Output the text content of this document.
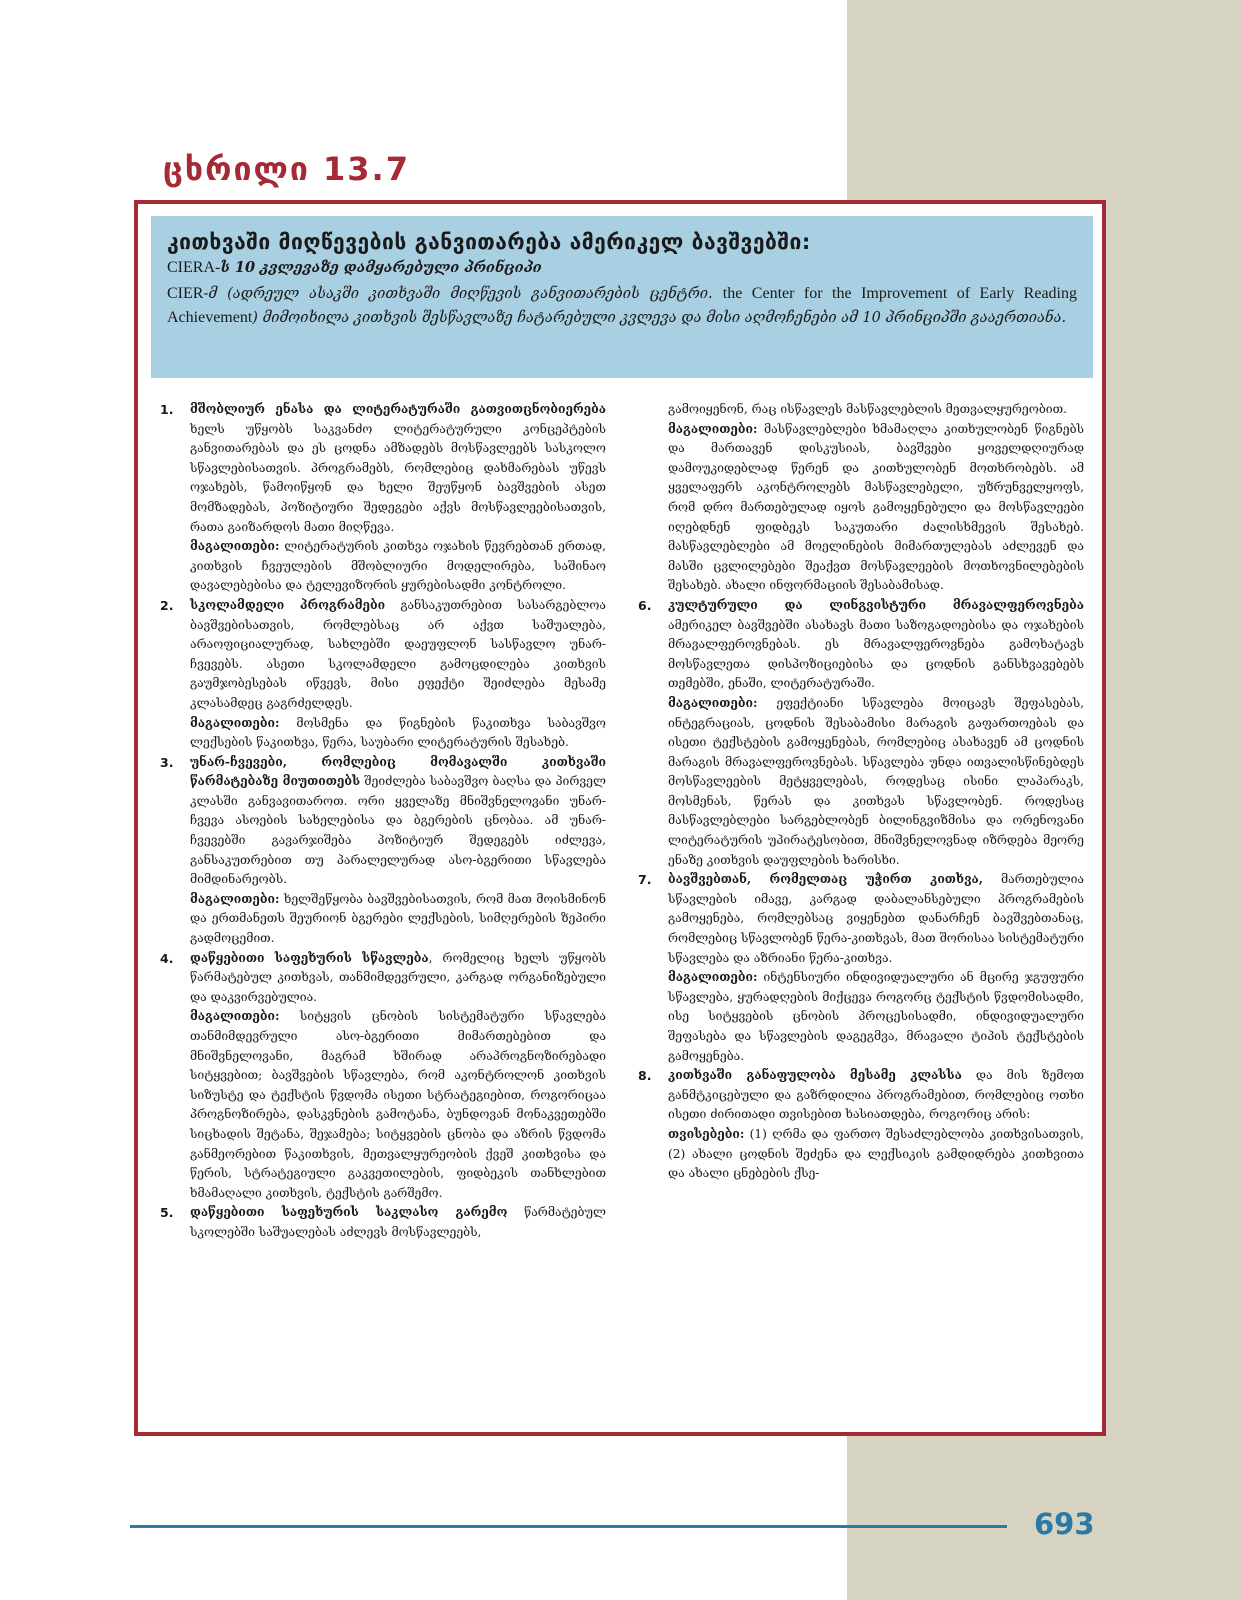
ცხრილი 13.7

კითხვაში მიღწევების განვითარება ამერიკელ ბავშვებში:

CIERA-ს 10 კვლევაზე დამყარებული პრინციპი

CIER-მ (ადრეულ ასაკში კითხვაში მიღწევის განვითარების ცენტრი. the Center for the Improvement of Early Reading Achievement) მიმოიხილა კითხვის შესწავლაზე ჩატარებული კვლევა და მისი აღმოჩენები ამ 10 პრინციპში გააერთიანა.

1.	მშობლიურ ენასა და ლიტერატურაში გათვითცნობიერება ხელს უწყობს საკვანძო ლიტერატურული კონცეპტების განვითარებას და ეს ცოდნა ამზადებს მოსწავლეებს სასკოლო სწავლებისათვის. პროგრამებს, რომლებიც დახმარებას უწევს ოჯახებს, წამოიწყონ და ხელი შეუწყონ ბავშვების ასეთ მომზადებას, პოზიტიური შედეგები აქვს მოსწავლეებისათვის, რათა გაიზარდოს მათი მიღწევა.

მაგალითები: ლიტერატურის კითხვა ოჯახის წევრებთან ერთად, კითხვის ჩვეულების მშობლიური მოდელირება, საშინაო დავალებებისა და ტელევიზორის ყურებისადმი კონტროლი.

2.	სკოლამდელი პროგრამები განსაკუთრებით სასარგებლოა ბავშვებისათვის, რომლებსაც არ აქვთ საშუალება, არაოფიციალურად, სახლებში დაეუფლონ სასწავლო უნარ-ჩვევებს. ასეთი სკოლამდელი გამოცდილება კითხვის გაუმჯობესებას იწვევს, მისი ეფექტი შეიძლება მესამე კლასამდეც გაგრძელდეს.

მაგალითები: მოსმენა და წიგნების წაკითხვა საბავშვო ლექსების წაკითხვა, წერა, საუბარი ლიტერატურის შესახებ.

3.	უნარ-ჩვევები, რომლებიც მომავალში კითხვაში წარმატებაზე მიუთითებს შეიძლება საბავშვო ბაღსა და პირველ კლასში განვავითაროთ. ორი ყველაზე მნიშვნელოვანი უნარ-ჩვევა ასოების სახელებისა და ბგერების ცნობაა. ამ უნარ-ჩვევებში გავარჯიშება პოზიტიურ შედეგებს იძლევა, განსაკუთრებით თუ პარალელურად ასო-ბგერითი სწავლება მიმდინარეობს.

მაგალითები: ხელშეწყობა ბავშვებისათვის, რომ მათ მოისმინონ და ერთმანეთს შეურიონ ბგერები ლექსების, სიმღერების ზეპირი გადმოცემით.

4.	დაწყებითი საფეხურის სწავლება, რომელიც ხელს უწყობს წარმატებულ კითხვას, თანმიმდევრული, კარგად ორგანიზებული და დაკვირვებულია.

მაგალითები: სიტყვის ცნობის სისტემატური სწავლება თანმიმდევრული ასო-ბგერითი მიმართებებით და მნიშვნელოვანი, მაგრამ ხშირად არაპროგნოზირებადი სიტყვებით; ბავშვების სწავლება, რომ აკონტროლონ კითხვის სიზუსტე და ტექსტის წვდომა ისეთი სტრატეგიებით, როგორიცაა პროგნოზირება, დასკვნების გამოტანა, ბუნდოვან მონაკვეთებში სიცხადის შეტანა, შეჯამება; სიტყვების ცნობა და აზრის წვდომა განმეორებით წაკითხვის, მეთვალყურეობის ქვეშ კითხვისა და წერის, სტრატეგიული გაკვეთილების, ფიდბეკის თანხლებით ხმამაღალი კითხვის, ტექსტის გარშემო.

5.	დაწყებითი საფეხურის საკლასო გარემო წარმატებულ სკოლებში საშუალებას აძლევს მოსწავლეებს,

გამოიყენონ, რაც ისწავლეს მასწავლებლის მეთვალყურეობით.

მაგალითები: მასწავლებლები ხმამაღლა კითხულობენ წიგნებს და მართავენ დისკუსიას, ბავშვები ყოველდღიურად დამოუკიდებლად წერენ და კითხულობენ მოთხრობებს. ამ ყველაფერს აკონტროლებს მასწავლებელი, უზრუნველყოფს, რომ დრო მართებულად იყოს გამოყენებული და მოსწავლეები იღებდნენ ფიდბეკს საკუთარი ძალისხმევის შესახებ. მასწავლებლები ამ მოელინების მიმართულებას აძლევენ და მასში ცვლილებები შეაქვთ მოსწავლეების მოთხოვნილებების შესახებ. ახალი ინფორმაციის შესაბამისად.

6.	კულტურული და ლინგვისტური მრავალფეროვნება ამერიკელ ბავშვებში ასახავს მათი საზოგადოებისა და ოჯახების მრავალფეროვნებას. ეს მრავალფეროვნება გამოხატავს მოსწავლეთა დისპოზიციებისა და ცოდნის განსხვავებებს თემებში, ენაში, ლიტერატურაში.

მაგალითები: ეფექტიანი სწავლება მოიცავს შეფასებას, ინტეგრაციას, ცოდნის შესაბამისი მარაგის გაფართოებას და ისეთი ტექსტების გამოყენებას, რომლებიც ასახავენ ამ ცოდნის მარაგის მრავალფეროვნებას. სწავლება უნდა ითვალისწინებდეს მოსწავლეების მეტყველებას, როდესაც ისინი ლაპარაკს, მოსმენას, წერას და კითხვას სწავლობენ. როდესაც მასწავლებლები სარგებლობენ ბილინგვიზმისა და ორენოვანი ლიტერატურის უპირატესობით, მნიშვნელოვნად იზრდება მეორე ენაზე კითხვის დაუფლების ხარისხი.

7.	ბავშვებთან, რომელთაც უჭირთ კითხვა, მართებულია სწავლების იმავე, კარგად დაბალანსებული პროგრამების გამოყენება, რომლებსაც ვიყენებთ დანარჩენ ბავშვებთანაც, რომლებიც სწავლობენ წერა-კითხვას, მათ შორისაა სისტემატური სწავლება და აზრიანი წერა-კითხვა.

მაგალითები: ინტენსიური ინდივიდუალური ან მცირე ჯგუფური სწავლება, ყურადღების მიქცევა როგორც ტექსტის წვდომისადმი, ისე სიტყვების ცნობის პროცესისადმი, ინდივიდუალური შეფასება და სწავლების დაგეგმვა, მრავალი ტიპის ტექსტების გამოყენება.

8.	კითხვაში განაფულობა მესამე კლასსა და მის ზემოთ განმტკიცებული და გაზრდილია პროგრამებით, რომლებიც ოთხი ისეთი ძირითადი თვისებით ხასიათდება, როგორიც არის:

თვისებები: (1) ღრმა და ფართო შესაძლებლობა კითხვისათვის, (2) ახალი ცოდნის შეძენა და ლექსიკის გამდიდრება კითხვითა და ახალი ცნებების ქსე-

693
